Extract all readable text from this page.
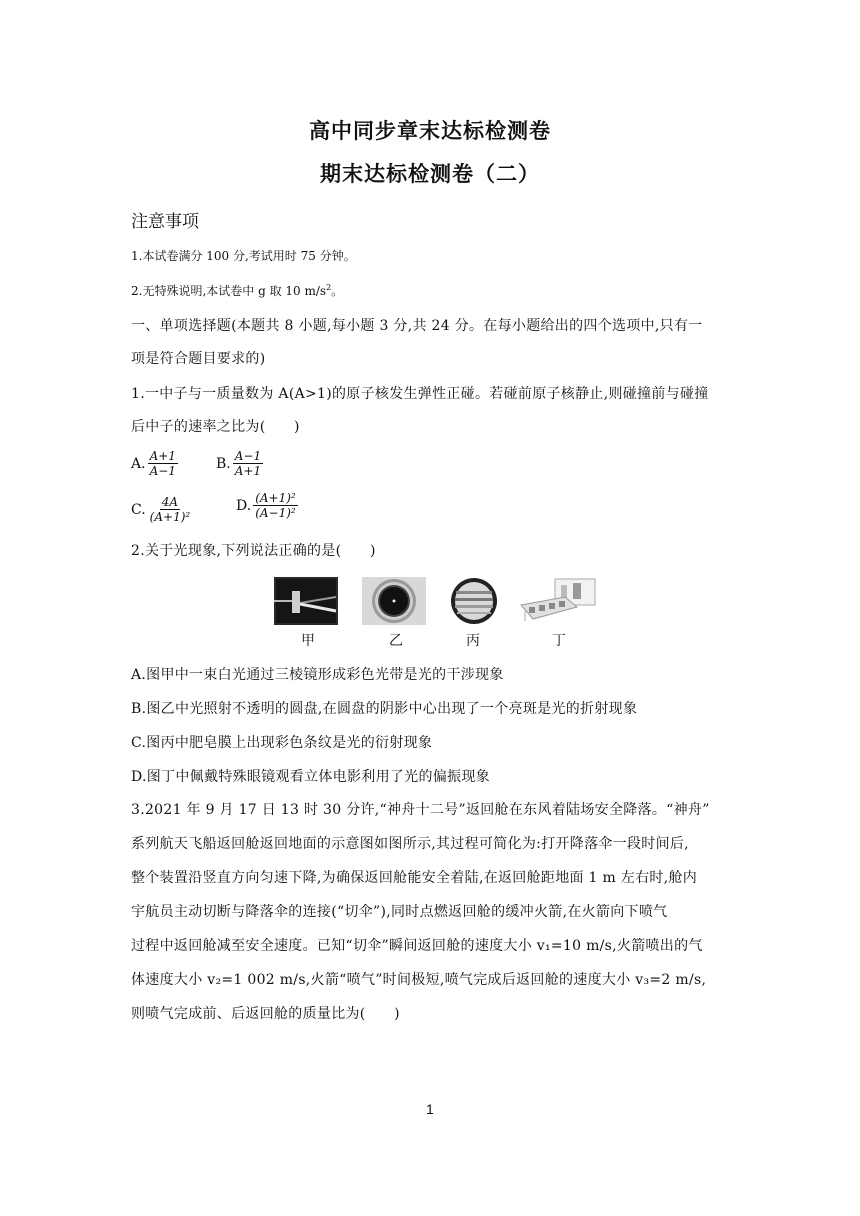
高中同步章末达标检测卷
期末达标检测卷（二）
注意事项
1.本试卷满分 100 分,考试用时 75 分钟。
2.无特殊说明,本试卷中 g 取 10 $m/s^2$。
一、单项选择题(本题共 8 小题,每小题 3 分,共 24 分。在每小题给出的四个选项中,只有一
项是符合题目要求的)
1.一中子与一质量数为 A(A>1)的原子核发生弹性正碰。若碰前原子核静止,则碰撞前与碰撞
后中子的速率之比为(　　)
A. $\frac{A+1}{A-1}$	B. $\frac{A-1}{A+1}$
C. $\frac{4A}{\text{(A+1)²}}$	D. $\frac{\text{(A+1)²}}{\text{(A−1)²}}$
2.关于光现象,下列说法正确的是(　　)
甲	乙	丙	丁
A.图甲中一束白光通过三棱镜形成彩色光带是光的干涉现象
B.图乙中光照射不透明的圆盘,在圆盘的阴影中心出现了一个亮斑是光的折射现象
C.图丙中肥皂膜上出现彩色条纹是光的衍射现象
D.图丁中佩戴特殊眼镜观看立体电影利用了光的偏振现象
3.2021 年 9 月 17 日 13 时 30 分许,“神舟十二号”返回舱在东风着陆场安全降落。“神舟”
系列航天飞船返回舱返回地面的示意图如图所示,其过程可简化为:打开降落伞一段时间后,
整个装置沿竖直方向匀速下降,为确保返回舱能安全着陆,在返回舱距地面 1 m 左右时,舱内
宇航员主动切断与降落伞的连接(“切伞”),同时点燃返回舱的缓冲火箭,在火箭向下喷气
过程中返回舱减至安全速度。已知“切伞”瞬间返回舱的速度大小 v₁=10 m/s,火箭喷出的气
体速度大小 v₂=1 002 m/s,火箭“喷气”时间极短,喷气完成后返回舱的速度大小 v₃=2 m/s,
则喷气完成前、后返回舱的质量比为(　　)
1
